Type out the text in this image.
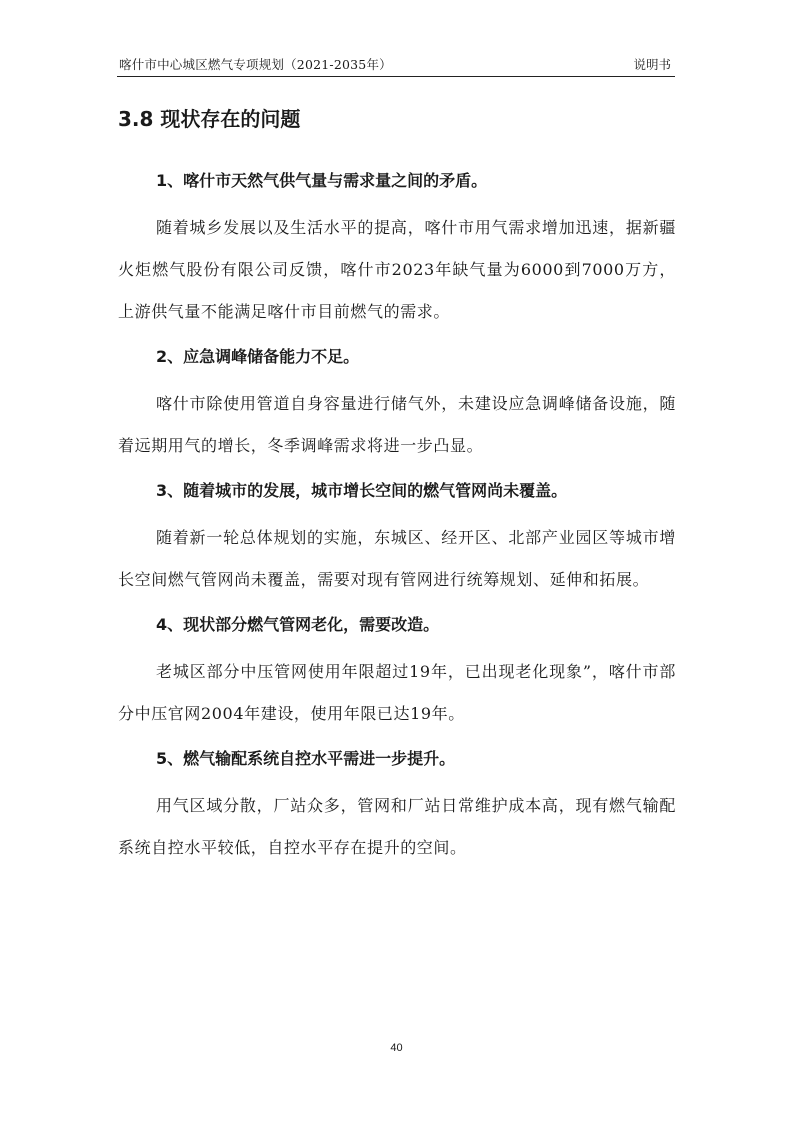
喀什市中心城区燃气专项规划（2021-2035年）	说明书
3.8 现状存在的问题
1、喀什市天然气供气量与需求量之间的矛盾。

随着城乡发展以及生活水平的提高，喀什市用气需求增加迅速，据新疆火炬燃气股份有限公司反馈，喀什市2023年缺气量为6000到7000万方，上游供气量不能满足喀什市目前燃气的需求。

2、应急调峰储备能力不足。

喀什市除使用管道自身容量进行储气外，未建设应急调峰储备设施，随着远期用气的增长，冬季调峰需求将进一步凸显。

3、随着城市的发展，城市增长空间的燃气管网尚未覆盖。

随着新一轮总体规划的实施，东城区、经开区、北部产业园区等城市增长空间燃气管网尚未覆盖，需要对现有管网进行统筹规划、延伸和拓展。

4、现状部分燃气管网老化，需要改造。

老城区部分中压管网使用年限超过19年，已出现老化现象”，喀什市部分中压官网2004年建设，使用年限已达19年。

5、燃气输配系统自控水平需进一步提升。

用气区域分散，厂站众多，管网和厂站日常维护成本高，现有燃气输配系统自控水平较低，自控水平存在提升的空间。

40
